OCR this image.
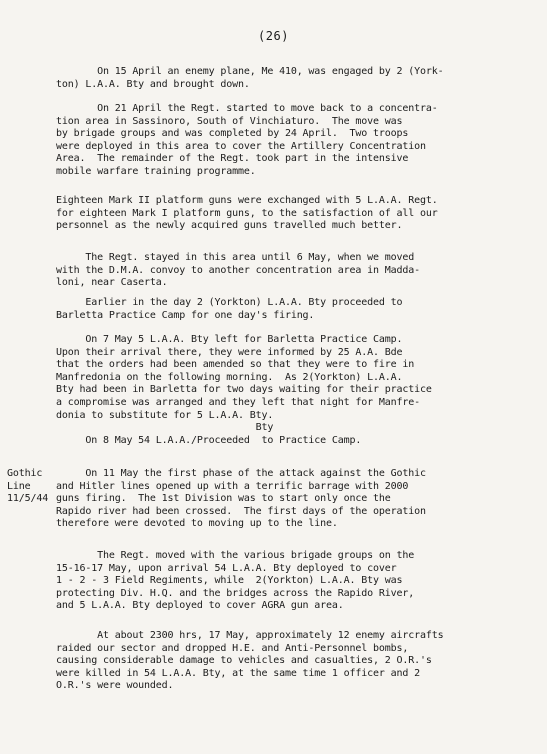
(26)
Gothic
Line
11/5/44
On 15 April an enemy plane, Me 410, was engaged by 2 (York-
ton) L.A.A. Bty and brought down.
On 21 April the Regt. started to move back to a concentra-
tion area in Sassinoro, South of Vinchiaturo.  The move was
by brigade groups and was completed by 24 April.  Two troops
were deployed in this area to cover the Artillery Concentration
Area.  The remainder of the Regt. took part in the intensive
mobile warfare training programme.
Eighteen Mark II platform guns were exchanged with 5 L.A.A. Regt.
for eighteen Mark I platform guns, to the satisfaction of all our
personnel as the newly acquired guns travelled much better.
The Regt. stayed in this area until 6 May, when we moved
with the D.M.A. convoy to another concentration area in Madda-
loni, near Caserta.
Earlier in the day 2 (Yorkton) L.A.A. Bty proceeded to
Barletta Practice Camp for one day's firing.
On 7 May 5 L.A.A. Bty left for Barletta Practice Camp.
Upon their arrival there, they were informed by 25 A.A. Bde
that the orders had been amended so that they were to fire in
Manfredonia on the following morning.  As 2(Yorkton) L.A.A.
Bty had been in Barletta for two days waiting for their practice
a compromise was arranged and they left that night for Manfre-
donia to substitute for 5 L.A.A. Bty.
Bty
On 8 May 54 L.A.A./Proceeded  to Practice Camp.
On 11 May the first phase of the attack against the Gothic
and Hitler lines opened up with a terrific barrage with 2000
guns firing.  The 1st Division was to start only once the
Rapido river had been crossed.  The first days of the operation
therefore were devoted to moving up to the line.
The Regt. moved with the various brigade groups on the
15-16-17 May, upon arrival 54 L.A.A. Bty deployed to cover
1 - 2 - 3 Field Regiments, while  2(Yorkton) L.A.A. Bty was
protecting Div. H.Q. and the bridges across the Rapido River,
and 5 L.A.A. Bty deployed to cover AGRA gun area.
At about 2300 hrs, 17 May, approximately 12 enemy aircrafts
raided our sector and dropped H.E. and Anti-Personnel bombs,
causing considerable damage to vehicles and casualties, 2 O.R.'s
were killed in 54 L.A.A. Bty, at the same time 1 officer and 2
O.R.'s were wounded.
